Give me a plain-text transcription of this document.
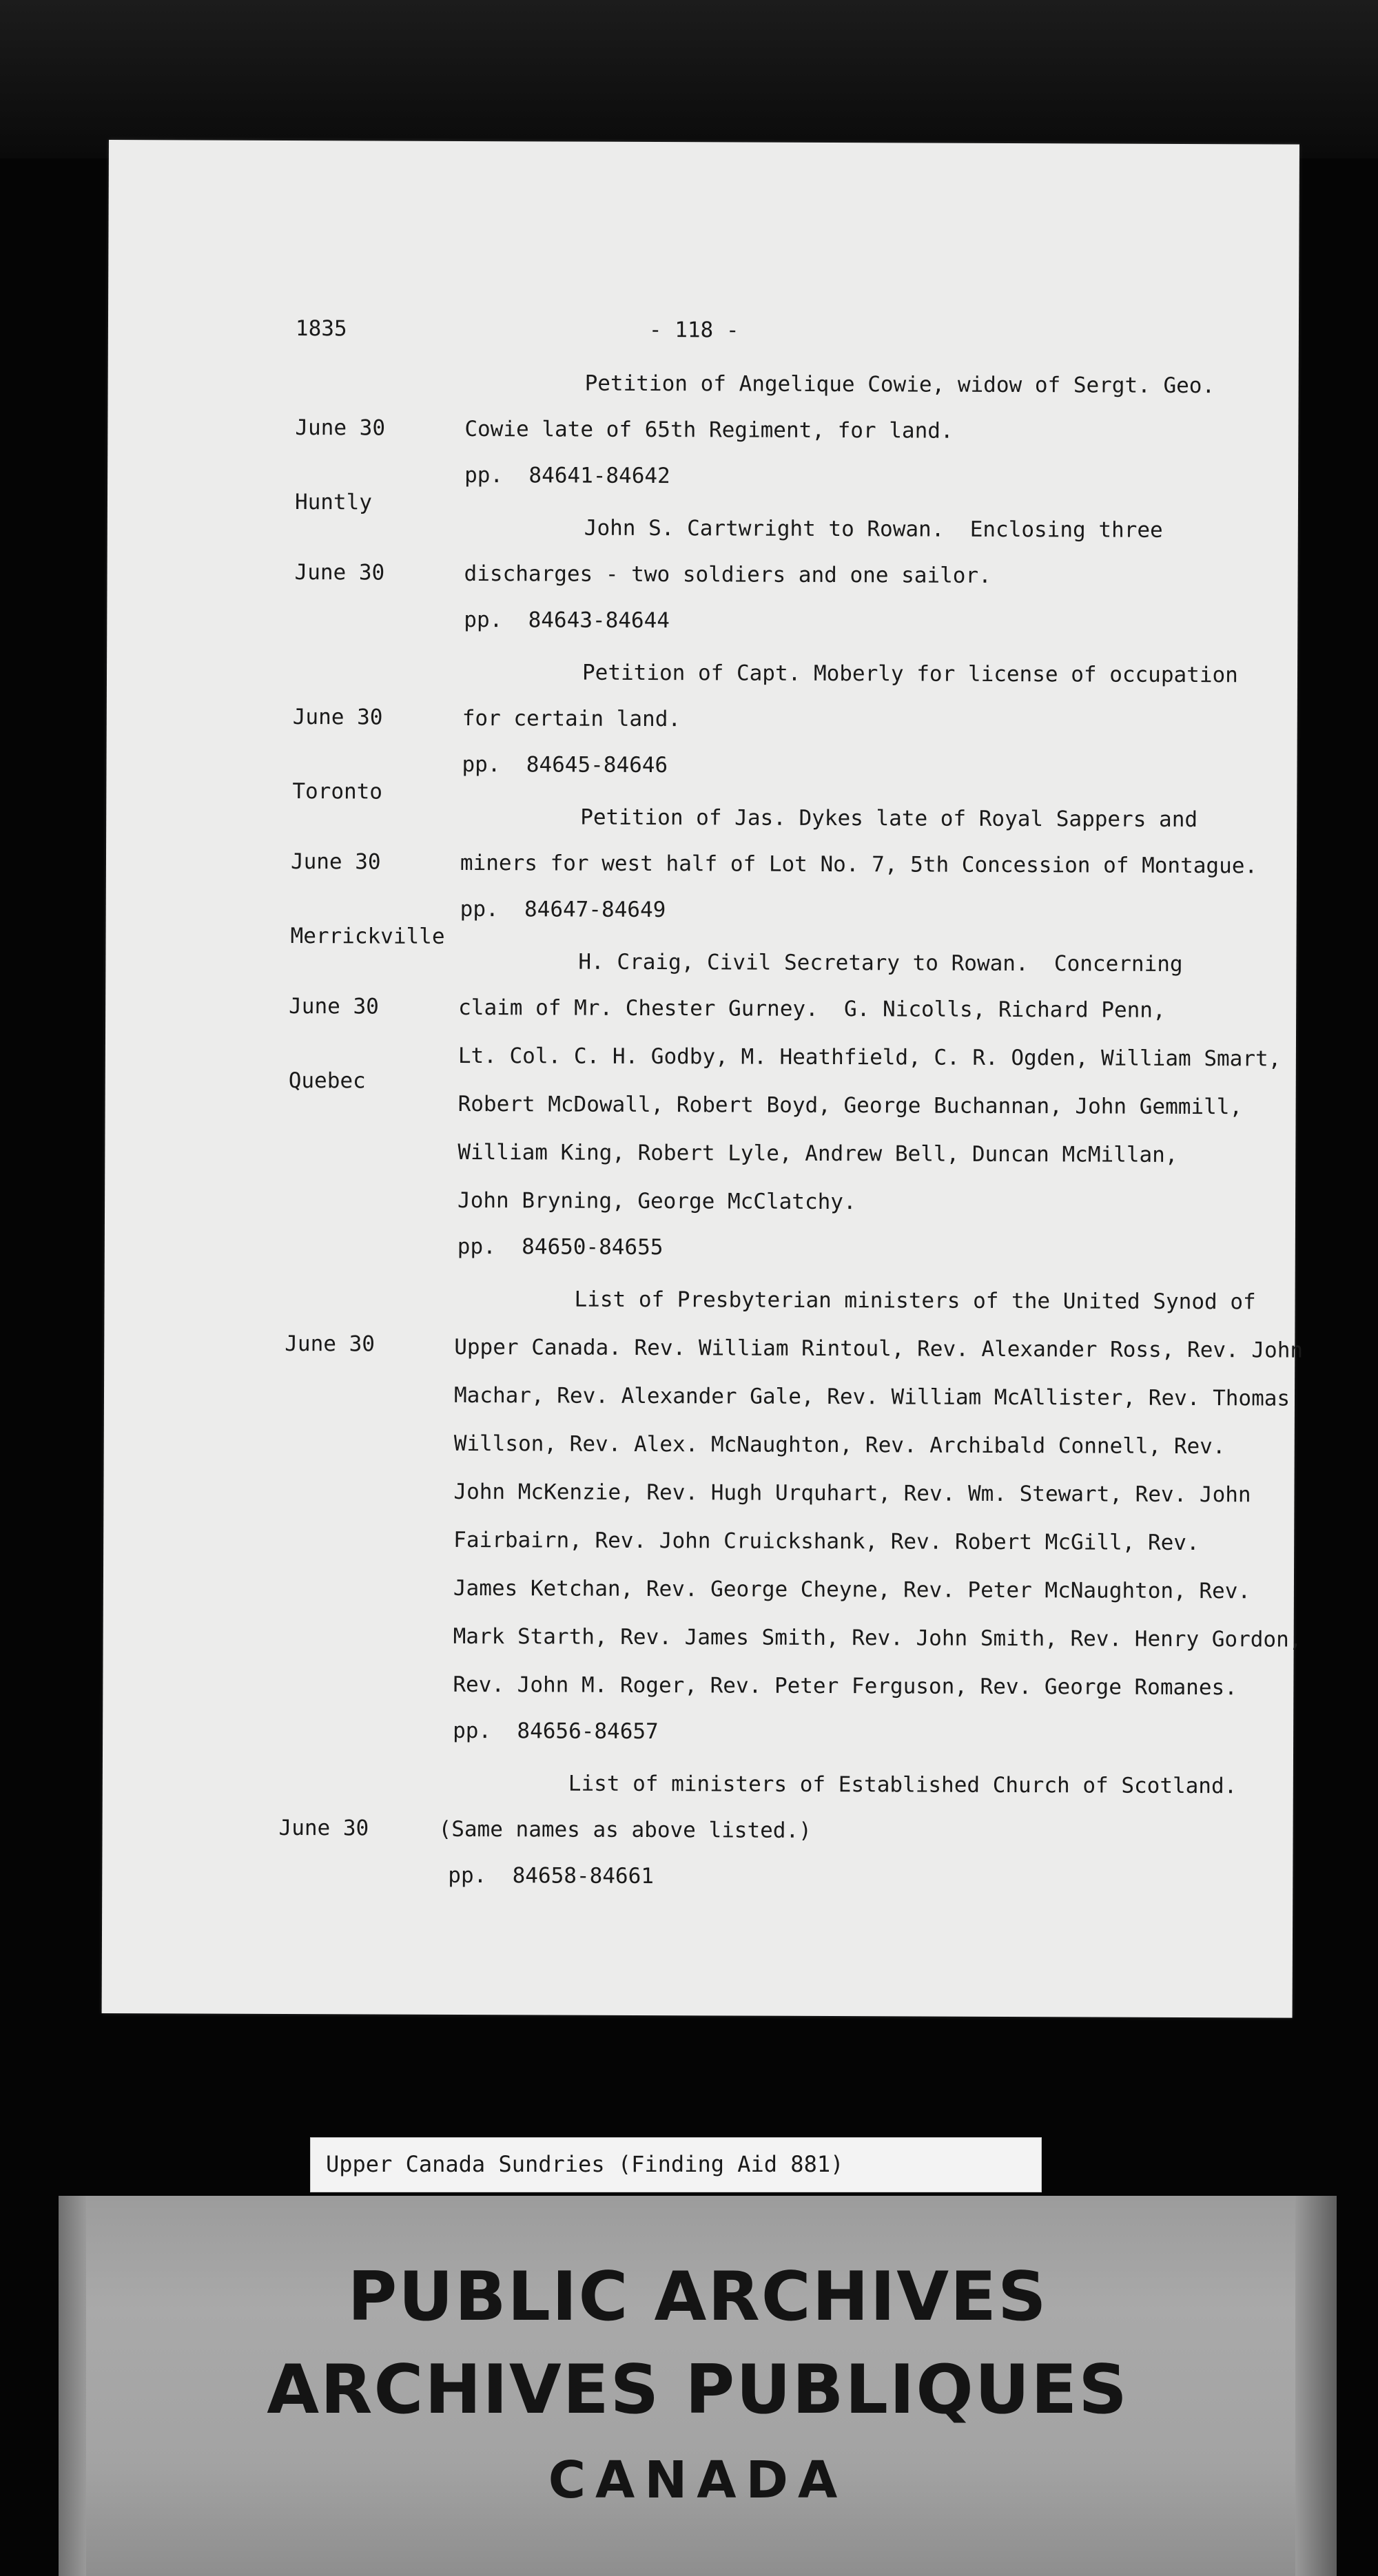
1835	- 118 -

June 30

Huntly

Petition of Angelique Cowie, widow of Sergt. Geo.
Cowie late of 65th Regiment, for land.
pp.  84641-84642

June 30

John S. Cartwright to Rowan.  Enclosing three
discharges - two soldiers and one sailor.
pp.  84643-84644

June 30

Toronto

Petition of Capt. Moberly for license of occupation
for certain land.
pp.  84645-84646

June 30

Merrickville

Petition of Jas. Dykes late of Royal Sappers and
miners for west half of Lot No. 7, 5th Concession of Montague.
pp.  84647-84649

June 30

Quebec

H. Craig, Civil Secretary to Rowan.  Concerning
claim of Mr. Chester Gurney.  G. Nicolls, Richard Penn,
Lt. Col. C. H. Godby, M. Heathfield, C. R. Ogden, William Smart,
Robert McDowall, Robert Boyd, George Buchannan, John Gemmill,
William King, Robert Lyle, Andrew Bell, Duncan McMillan,
John Bryning, George McClatchy.
pp.  84650-84655

June 30

List of Presbyterian ministers of the United Synod of
Upper Canada. Rev. William Rintoul, Rev. Alexander Ross, Rev. John
Machar, Rev. Alexander Gale, Rev. William McAllister, Rev. Thomas
Willson, Rev. Alex. McNaughton, Rev. Archibald Connell, Rev.
John McKenzie, Rev. Hugh Urquhart, Rev. Wm. Stewart, Rev. John
Fairbairn, Rev. John Cruickshank, Rev. Robert McGill, Rev.
James Ketchan, Rev. George Cheyne, Rev. Peter McNaughton, Rev.
Mark Starth, Rev. James Smith, Rev. John Smith, Rev. Henry Gordon,
Rev. John M. Roger, Rev. Peter Ferguson, Rev. George Romanes.
pp.  84656-84657

June 30

List of ministers of Established Church of Scotland.
(Same names as above listed.)
pp.  84658-84661
Upper Canada Sundries (Finding Aid 881)
PUBLIC ARCHIVES
ARCHIVES PUBLIQUES
CANADA
